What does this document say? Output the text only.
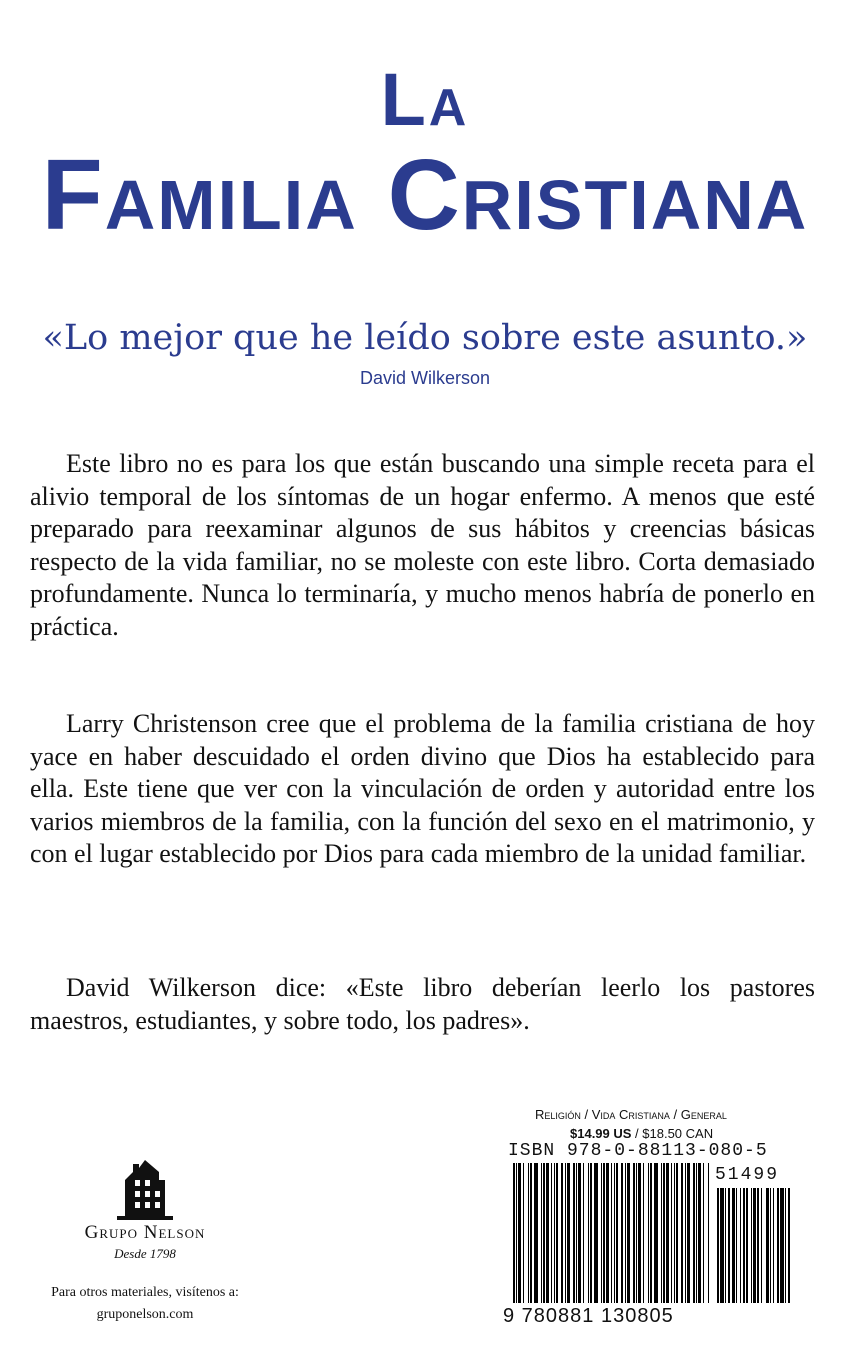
La
Familia Cristiana
«Lo mejor que he leído sobre este asunto.»
David Wilkerson

Este libro no es para los que están buscando una simple receta para el alivio temporal de los síntomas de un hogar enfermo. A menos que esté preparado para reexaminar algunos de sus hábitos y creencias básicas respecto de la vida familiar, no se moleste con este libro. Corta demasiado profundamente. Nunca lo terminaría, y mucho menos habría de ponerlo en práctica.

Larry Christenson cree que el problema de la familia cristiana de hoy yace en haber descuidado el orden divino que Dios ha establecido para ella. Este tiene que ver con la vinculación de orden y autoridad entre los varios miembros de la familia, con la función del sexo en el matrimonio, y con el lugar establecido por Dios para cada miembro de la unidad familiar.

David Wilkerson dice: «Este libro deberían leerlo los pastores maestros, estudiantes, y sobre todo, los padres».

Grupo Nelson
Desde 1798
Para otros materiales, visítenos a:
gruponelson.com
Religión / Vida Cristiana / General
$14.99 US / $18.50 CAN
ISBN 978-0-88113-080-5
51499
9 780881 130805
